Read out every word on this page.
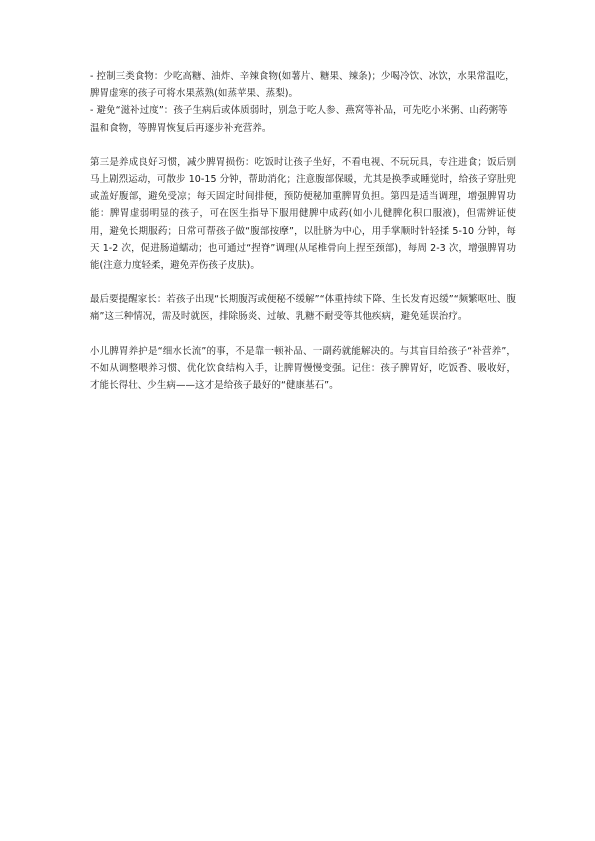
- 控制三类食物：少吃高糖、油炸、辛辣食物(如薯片、糖果、辣条)；少喝冷饮、冰饮，水果常温吃，脾胃虚寒的孩子可将水果蒸熟(如蒸苹果、蒸梨)。
- 避免“滋补过度”：孩子生病后或体质弱时，别急于吃人参、燕窝等补品，可先吃小米粥、山药粥等温和食物，等脾胃恢复后再逐步补充营养。

第三是养成良好习惯，减少脾胃损伤：吃饭时让孩子坐好，不看电视、不玩玩具，专注进食；饭后别马上剧烈运动，可散步 10-15 分钟，帮助消化；注意腹部保暖，尤其是换季或睡觉时，给孩子穿肚兜或盖好腹部，避免受凉；每天固定时间排便，预防便秘加重脾胃负担。第四是适当调理，增强脾胃功能：脾胃虚弱明显的孩子，可在医生指导下服用健脾中成药(如小儿健脾化积口服液)，但需辨证使用，避免长期服药；日常可帮孩子做“腹部按摩”，以肚脐为中心，用手掌顺时针轻揉 5-10 分钟，每天 1-2 次，促进肠道蠕动；也可通过“捏脊”调理(从尾椎骨向上捏至颈部)，每周 2-3 次，增强脾胃功能(注意力度轻柔，避免弄伤孩子皮肤)。

最后要提醒家长：若孩子出现“长期腹泻或便秘不缓解”“体重持续下降、生长发育迟缓”“频繁呕吐、腹痛”这三种情况，需及时就医，排除肠炎、过敏、乳糖不耐受等其他疾病，避免延误治疗。

小儿脾胃养护是“细水长流”的事，不是靠一顿补品、一副药就能解决的。与其盲目给孩子“补营养”，不如从调整喂养习惯、优化饮食结构入手，让脾胃慢慢变强。记住：孩子脾胃好，吃饭香、吸收好，才能长得壮、少生病——这才是给孩子最好的“健康基石”。
